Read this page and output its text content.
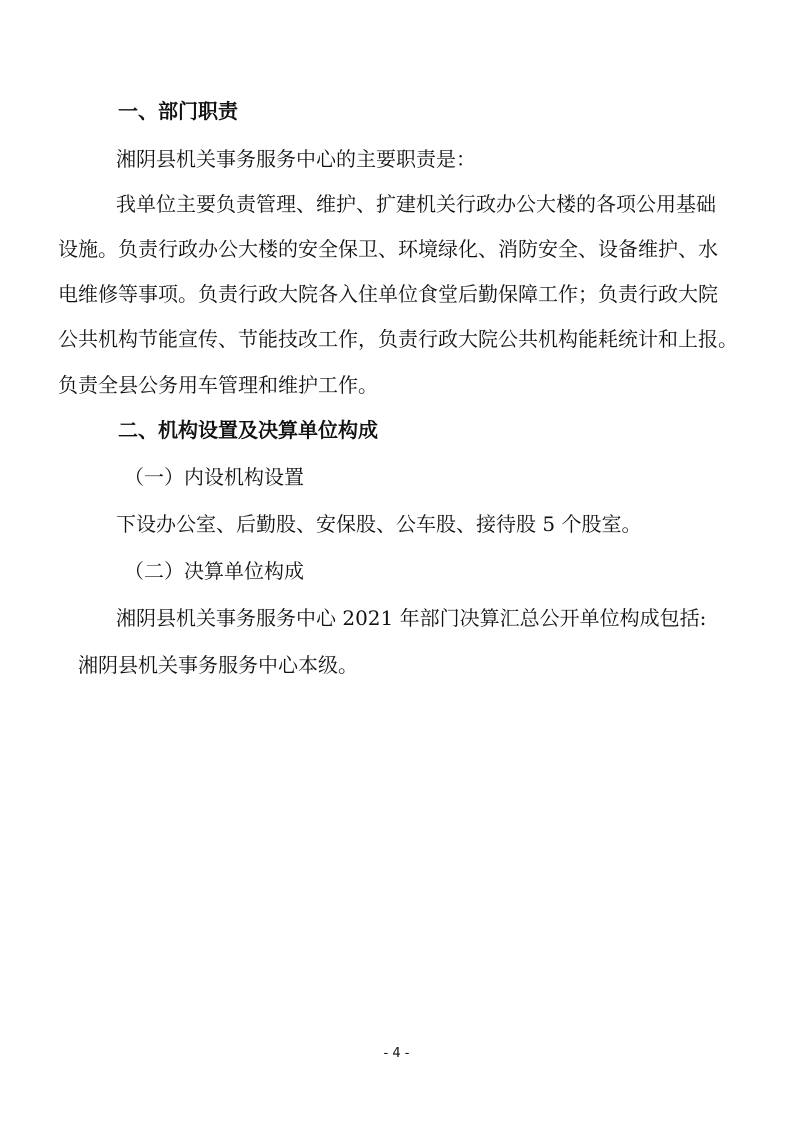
一、部门职责

湘阴县机关事务服务中心的主要职责是：

我单位主要负责管理、维护、扩建机关行政办公大楼的各项公用基础

设施。负责行政办公大楼的安全保卫、环境绿化、消防安全、设备维护、水

电维修等事项。负责行政大院各入住单位食堂后勤保障工作；负责行政大院

公共机构节能宣传、节能技改工作，负责行政大院公共机构能耗统计和上报。

负责全县公务用车管理和维护工作。

二、机构设置及决算单位构成
（一）内设机构设置

下设办公室、后勤股、安保股、公车股、接待股 5 个股室。

（二）决算单位构成

湘阴县机关事务服务中心 2021 年部门决算汇总公开单位构成包括:

湘阴县机关事务服务中心本级。

- 4 -
